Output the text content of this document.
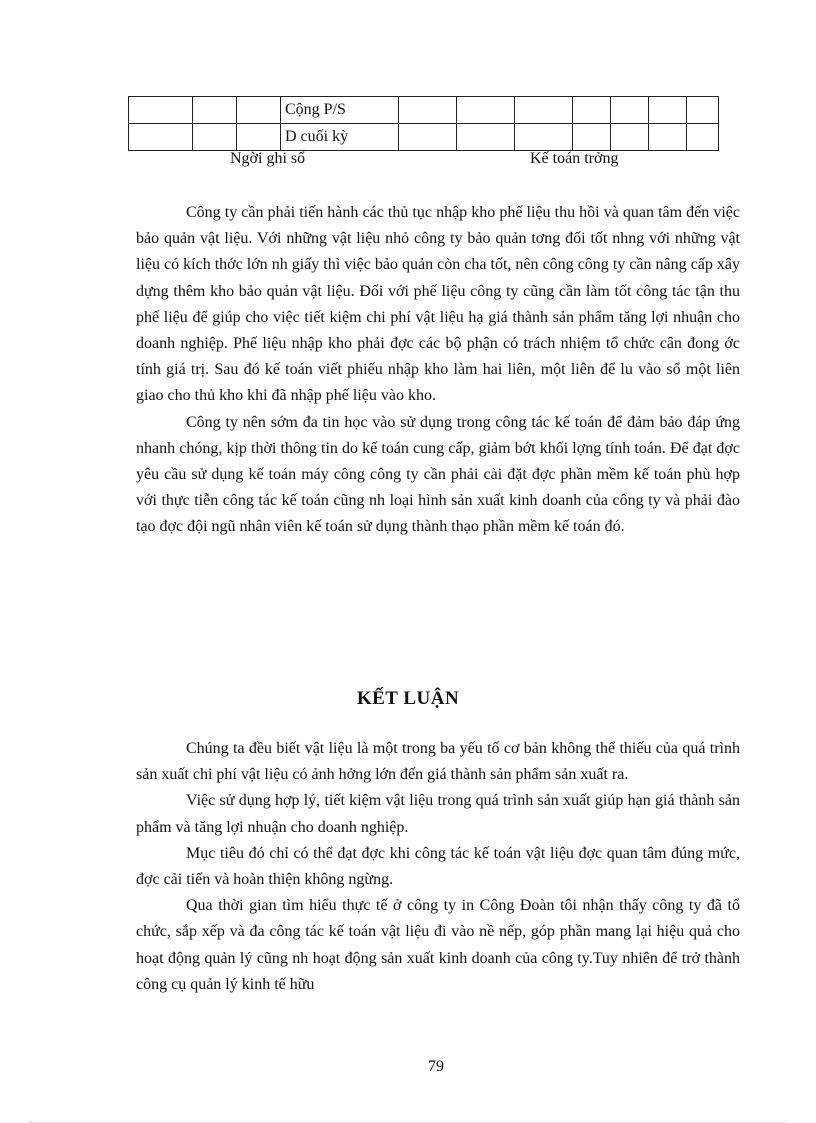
			Cộng P/S							
			D cuối kỳ							
Ngời ghi sổ	Kế toán trởng

Công ty cần phải tiến hành các thủ tục nhập kho phế liệu thu hồi và quan tâm đến việc bảo quản vật liệu. Với những vật liệu nhỏ công ty bảo quản tơng đối tốt nhng với những vật liệu có kích thớc lớn nh giấy thì việc bảo quản còn cha tốt, nên công công ty cần nâng cấp xây dựng thêm kho bảo quản vật liệu. Đối với phế liệu công ty cũng cần làm tốt công tác tận thu phế liệu để giúp cho việc tiết kiệm chi phí vật liệu hạ giá thành sản phẩm tăng lợi nhuận cho doanh nghiệp. Phế liệu nhập kho phải đợc các bộ phận có trách nhiệm tổ chức cân đong ớc tính giá trị. Sau đó kế toán viết phiếu nhập kho làm hai liên, một liên để lu vào sổ một liên giao cho thủ kho khi đã nhập phế liệu vào kho.

Công ty nên sớm đa tin học vào sử dụng trong công tác kế toán để đảm bảo đáp ứng nhanh chóng, kịp thời thông tin do kế toán cung cấp, giảm bớt khối lợng tính toán. Để đạt đợc yêu cầu sử dụng kế toán máy công công ty cần phải cài đặt đợc phần mềm kế toán phù hợp với thực tiễn công tác kế toán cũng nh loại hình sản xuất kinh doanh của công ty và phải đào tạo đợc đội ngũ nhân viên kế toán sử dụng thành thạo phần mềm kế toán đó.

KẾT LUẬN

Chúng ta đều biết vật liệu là một trong ba yếu tố cơ bản không thể thiếu của quá trình sản xuất chi phí vật liệu có ảnh hởng lớn đến giá thành sản phẩm sản xuất ra.

Việc sử dụng hợp lý, tiết kiệm vật liệu trong quá trình sản xuất giúp hạn giá thành sản phẩm và tăng lợi nhuận cho doanh nghiệp.

Mục tiêu đó chỉ có thể đạt đợc khi công tác kế toán vật liệu đợc quan tâm đúng mức, đợc cải tiến và hoàn thiện không ngừng.

Qua thời gian tìm hiểu thực tế ở công ty in Công Đoàn tôi nhận thấy công ty đã tổ chức, sắp xếp và đa công tác kế toán vật liệu đi vào nề nếp, góp phần mang lại hiệu quả cho hoạt động quản lý cũng nh hoạt động sản xuất kinh doanh của công ty.Tuy nhiên để trở thành công cụ quản lý kinh tế hữu

79
